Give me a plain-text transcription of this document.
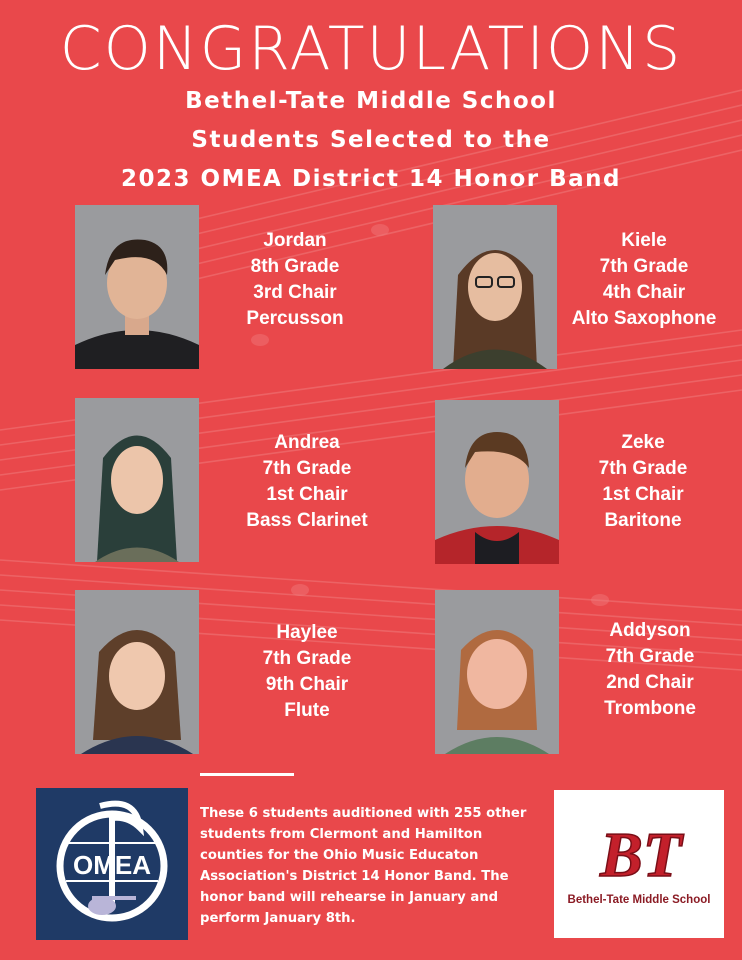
CONGRATULATIONS
Bethel-Tate Middle School
Students Selected to the
2023 OMEA District 14 Honor Band
Jordan
8th Grade
3rd Chair
Percusson
Kiele
7th Grade
4th Chair
Alto Saxophone
Andrea
7th Grade
1st Chair
Bass Clarinet
Zeke
7th Grade
1st Chair
Baritone
Haylee
7th Grade
9th Chair
Flute
Addyson
7th Grade
2nd Chair
Trombone
OMEA
These 6 students auditioned with 255 other students from Clermont and Hamilton counties for the Ohio Music Educaton Association's District 14 Honor Band. The honor band will rehearse in January and perform January 8th.
BT
Bethel-Tate Middle School
